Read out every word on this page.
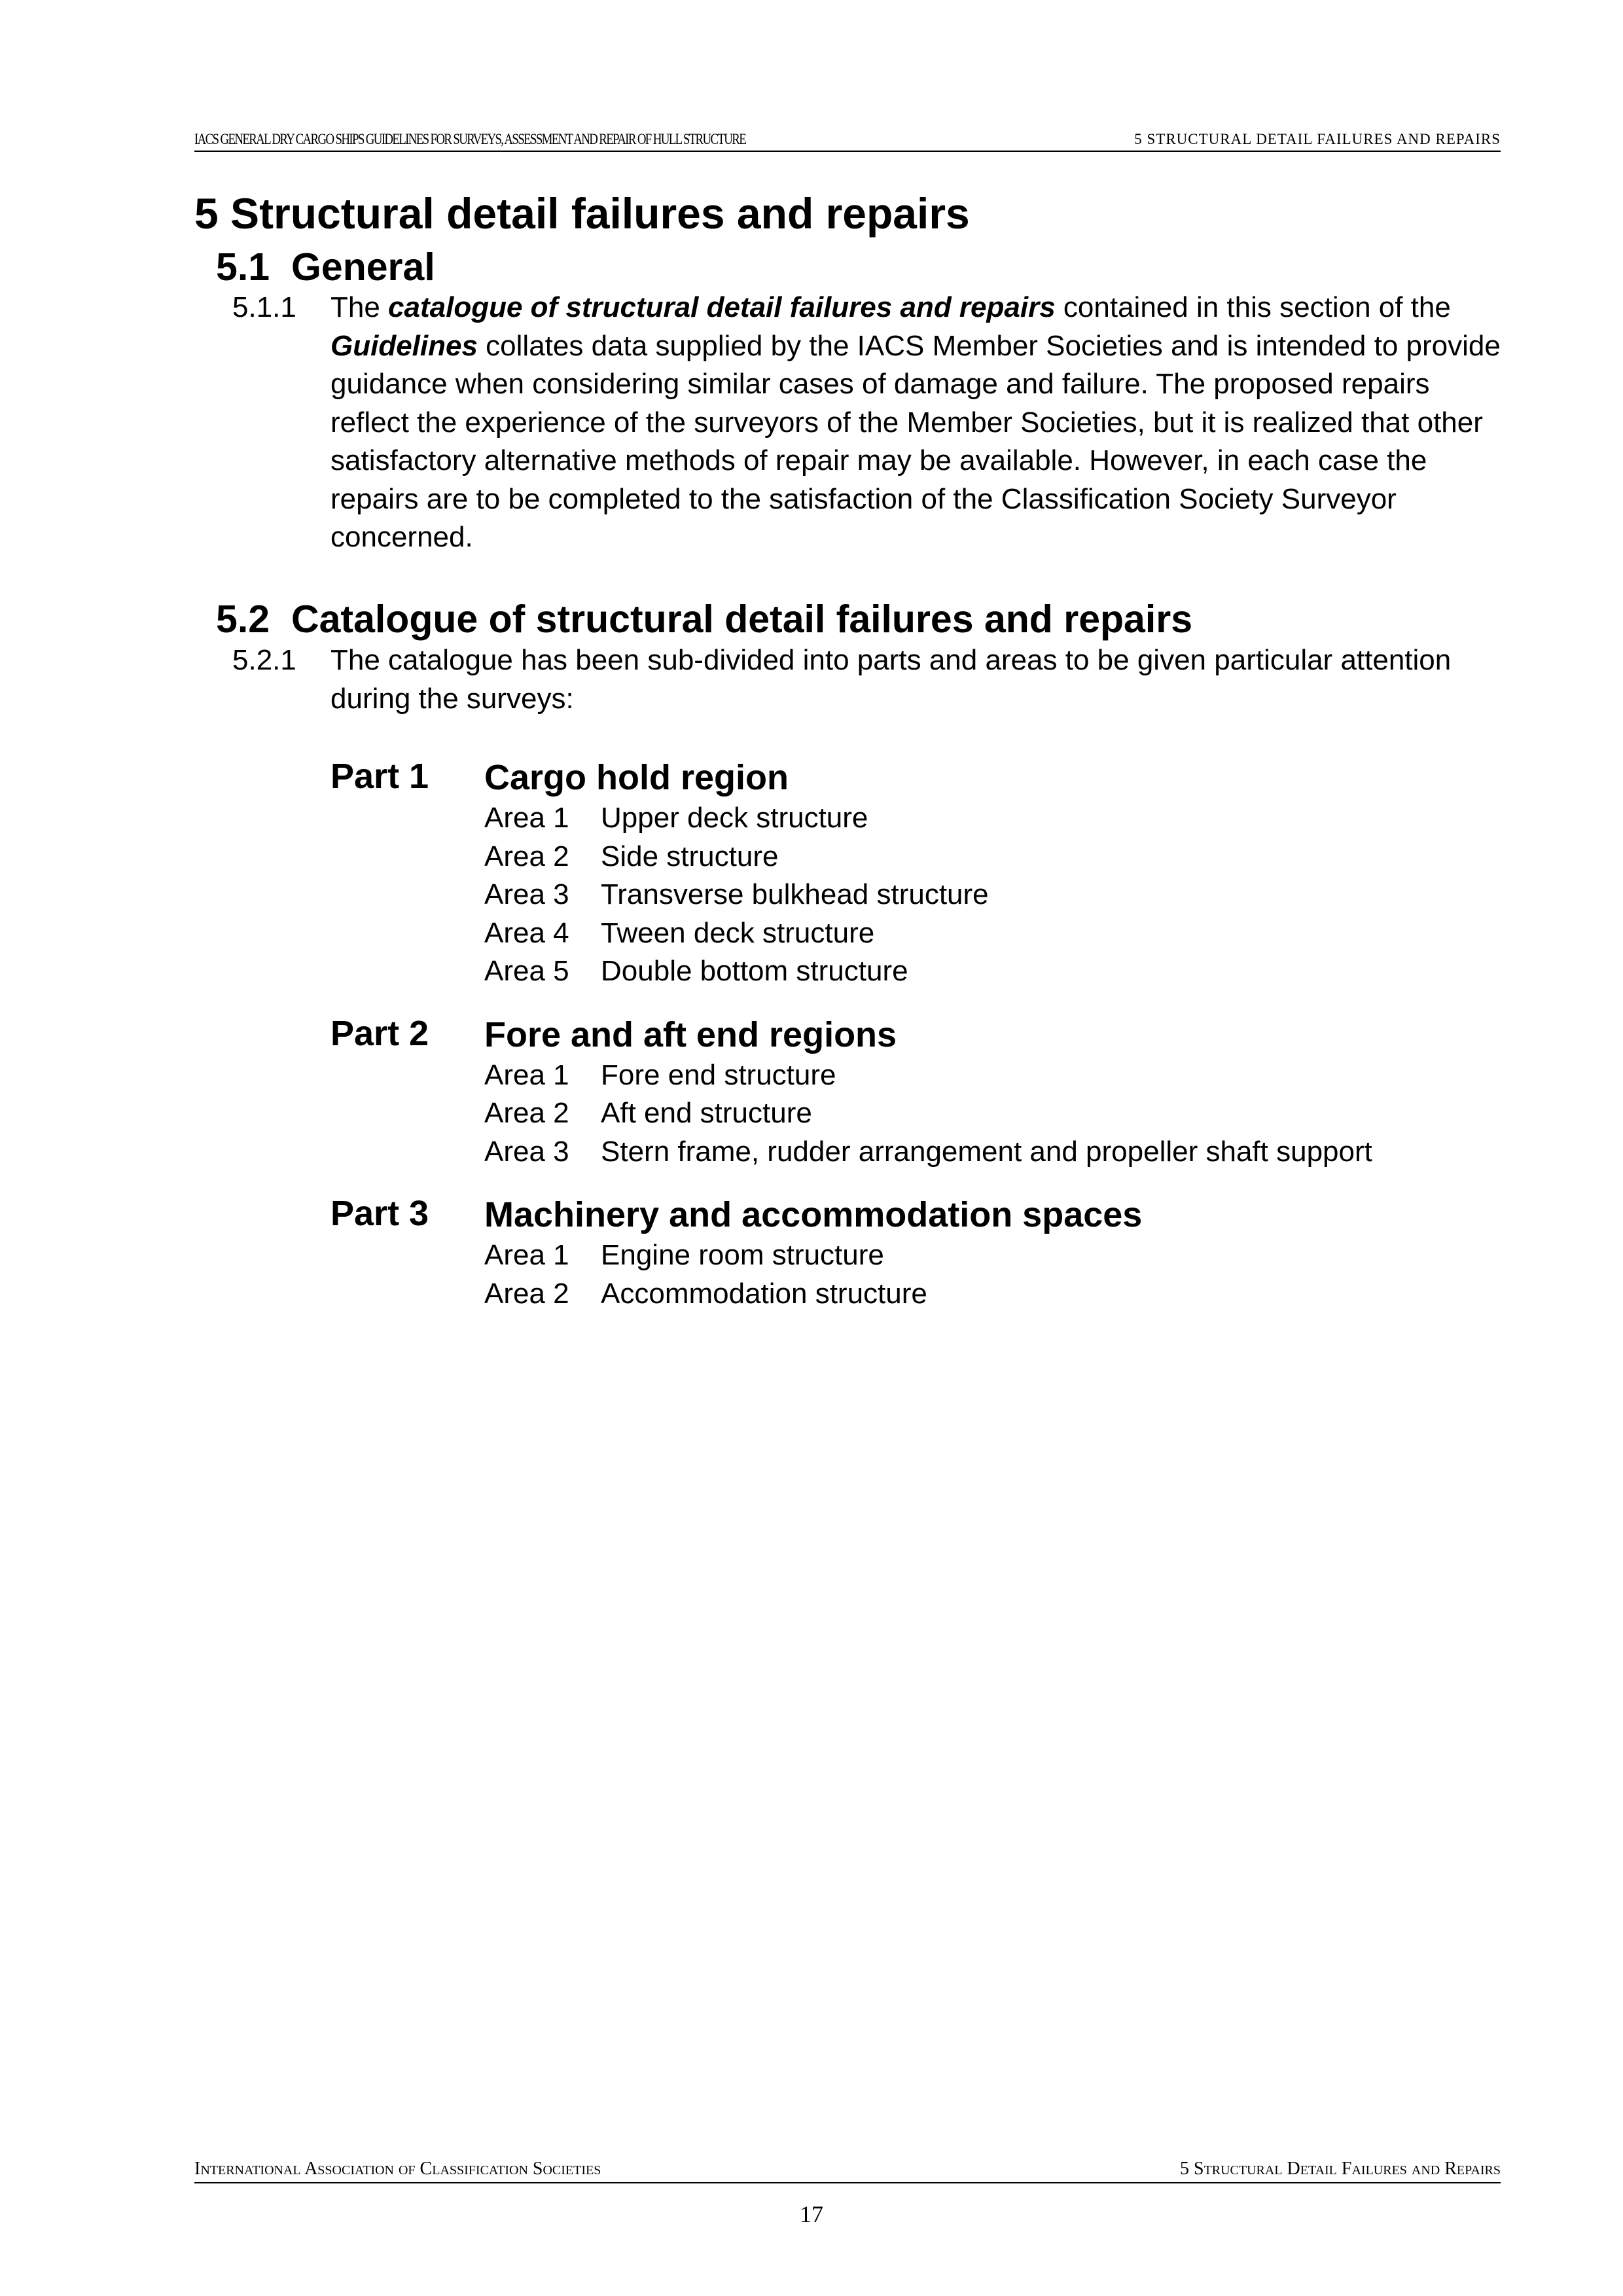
IACS GENERAL DRY CARGO SHIPS GUIDELINES FOR SURVEYS, ASSESSMENT AND REPAIR OF HULL STRUCTURE	5 STRUCTURAL DETAIL FAILURES AND REPAIRS
5 Structural detail failures and repairs
5.1 General
5.1.1	The catalogue of structural detail failures and repairs contained in this section of the Guidelines collates data supplied by the IACS Member Societies and is intended to provide guidance when considering similar cases of damage and failure. The proposed repairs reflect the experience of the surveyors of the Member Societies, but it is realized that other satisfactory alternative methods of repair may be available. However, in each case the repairs are to be completed to the satisfaction of the Classification Society Surveyor concerned.
5.2 Catalogue of structural detail failures and repairs
5.2.1	The catalogue has been sub-divided into parts and areas to be given particular attention during the surveys:
Part 1 Cargo hold region
Area 1 Upper deck structure
Area 2 Side structure
Area 3 Transverse bulkhead structure
Area 4 Tween deck structure
Area 5 Double bottom structure
Part 2 Fore and aft end regions
Area 1 Fore end structure
Area 2 Aft end structure
Area 3 Stern frame, rudder arrangement and propeller shaft support
Part 3 Machinery and accommodation spaces
Area 1 Engine room structure
Area 2 Accommodation structure
International Association of Classification Societies	5 Structural Detail Failures and Repairs
17
